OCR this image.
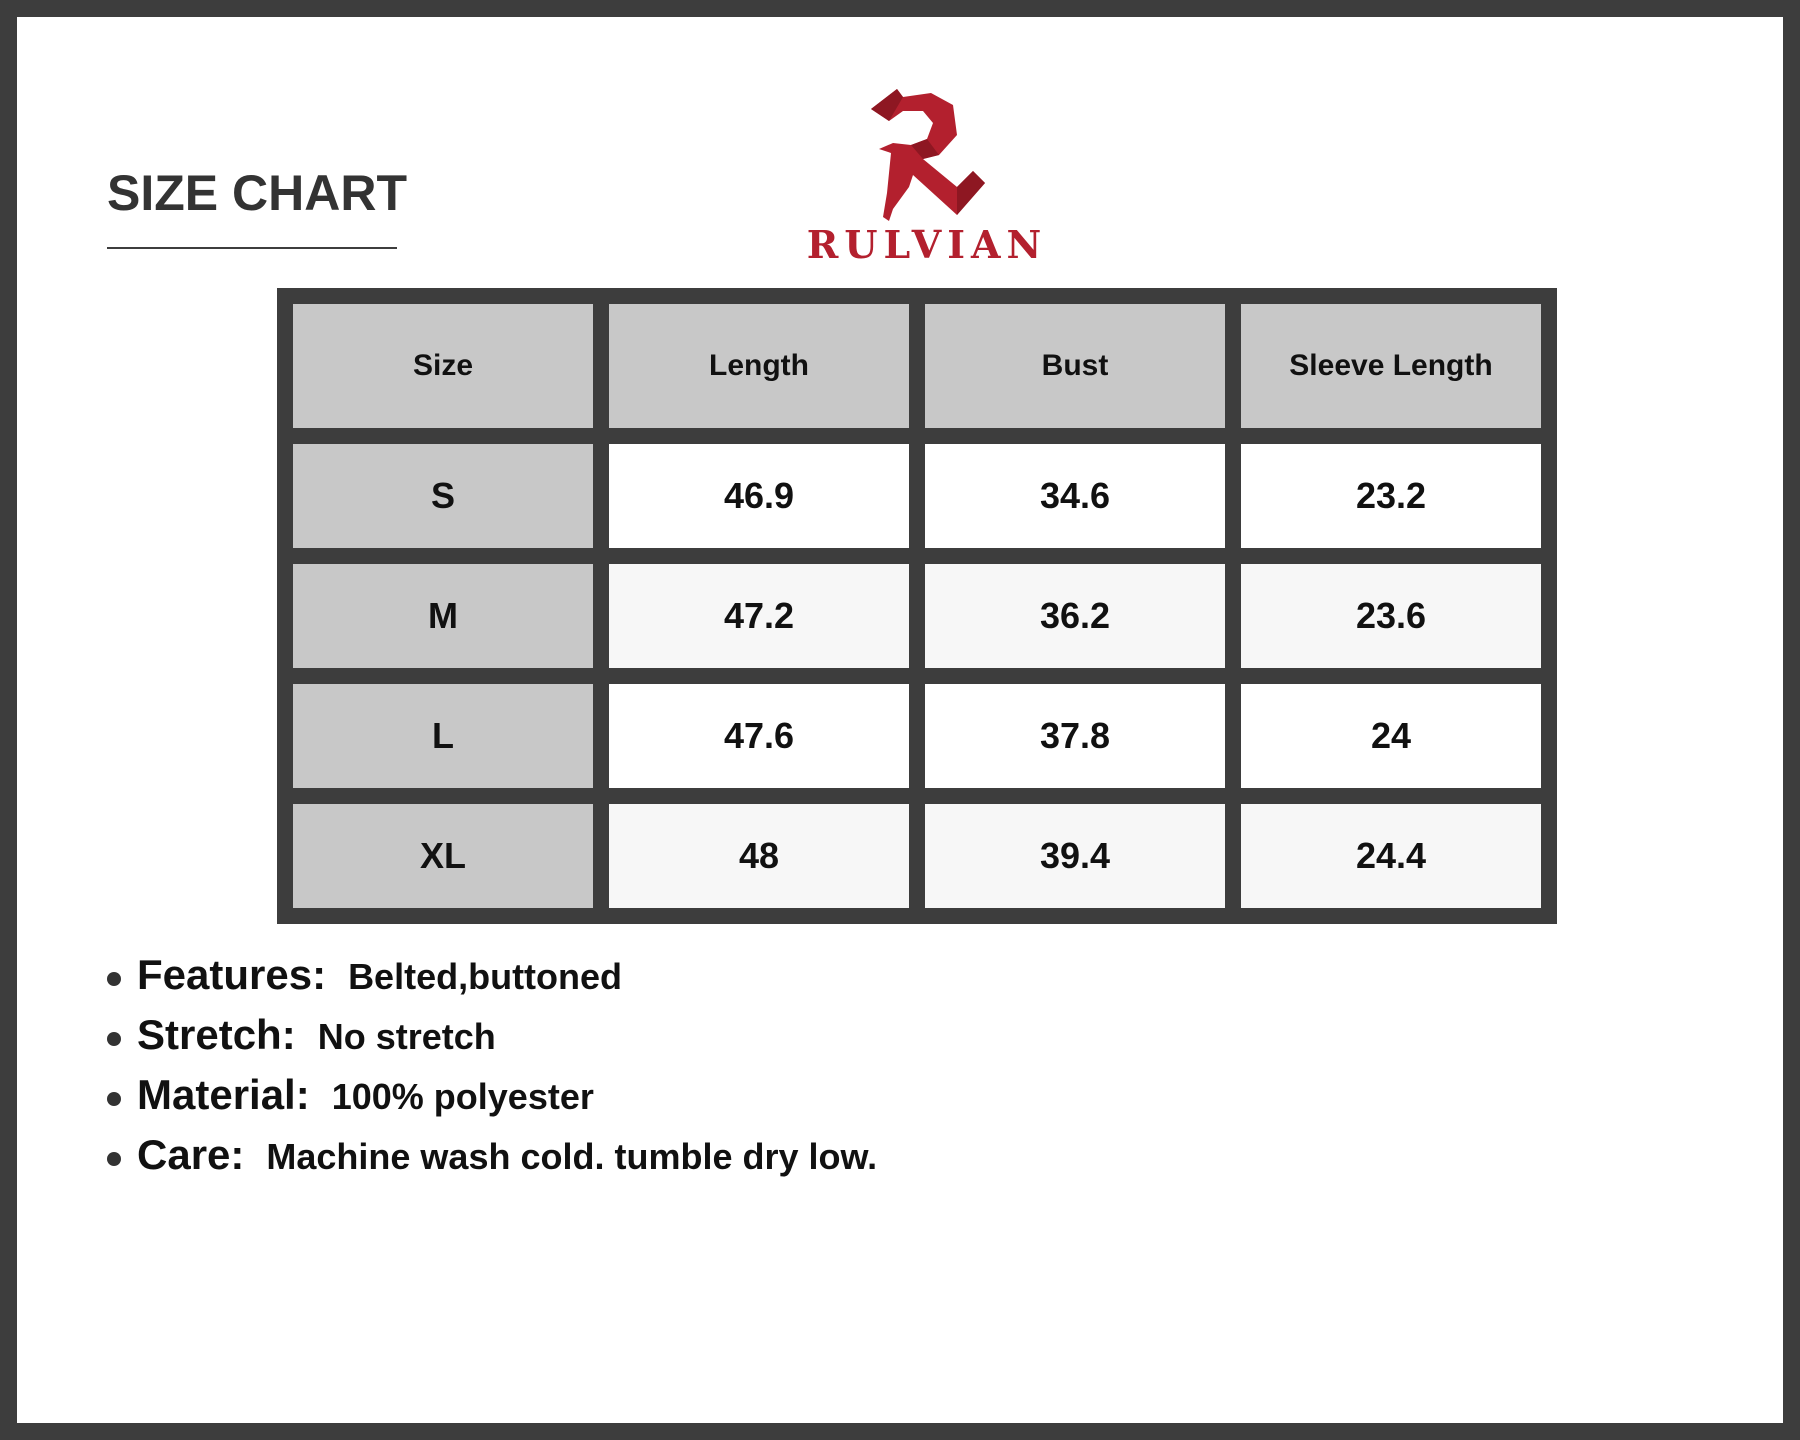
SIZE CHART
RULVIAN
Size	Length	Bust	Sleeve Length
S	46.9	34.6	23.2
M	47.2	36.2	23.6
L	47.6	37.8	24
XL	48	39.4	24.4
Features: Belted,buttoned
Stretch: No stretch
Material: 100% polyester
Care: Machine wash cold. tumble dry low.
